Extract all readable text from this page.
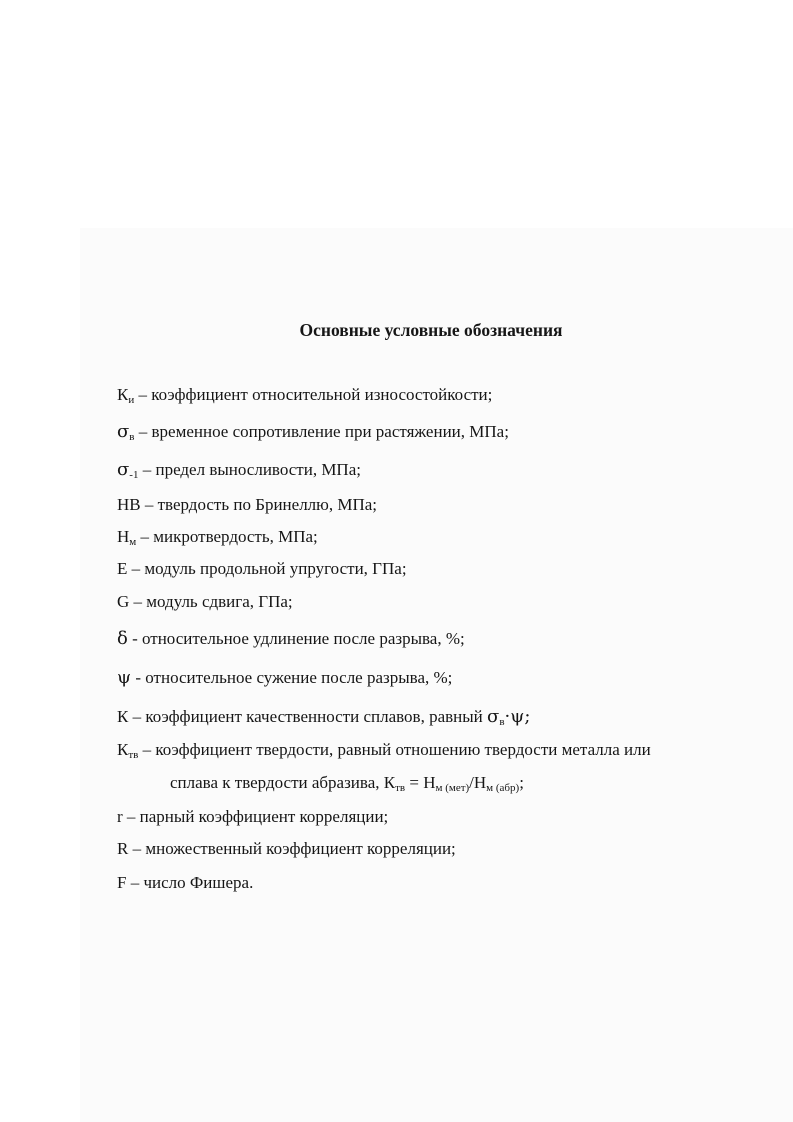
Основные условные обозначения
$К_и$ – коэффициент относительной износостойкости;
$\sigma_в$ – временное сопротивление при растяжении, МПа;
$\sigma_{-1}$ – предел выносливости, МПа;
НВ – твердость по Бринеллю, МПа;
$Н_м$ – микротвердость, МПа;
Е – модуль продольной упругости, ГПа;
G – модуль сдвига, ГПа;
δ - относительное удлинение после разрыва, %;
ψ - относительное сужение после разрыва, %;
К – коэффициент качественности сплавов, равный $\sigma_в\cdot\psi$;
$К_{тв}$ – коэффициент твердости, равный отношению твердости металла или
сплава к твердости абразива, $К_{тв} = Н_{м (мет)}/Н_{м (абр)}$;
r – парный коэффициент корреляции;
R – множественный коэффициент корреляции;
F – число Фишера.
